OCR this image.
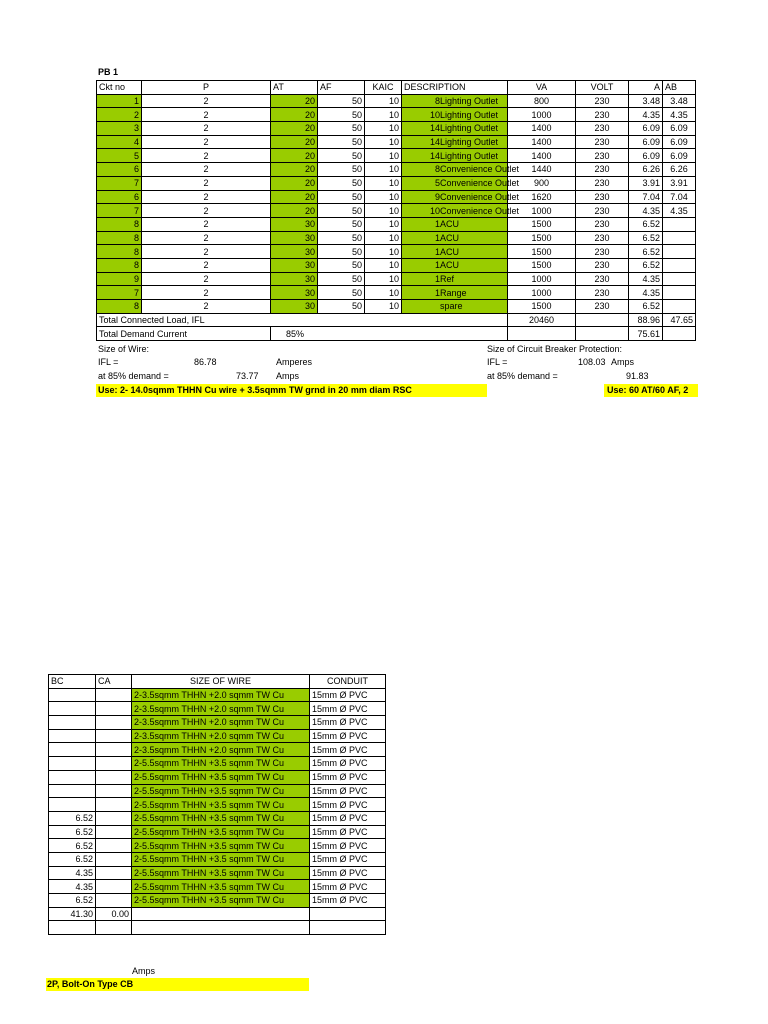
PB 1
Ckt no	P	AT	AF	KAIC	DESCRIPTION	VA	VOLT	A	AB
1	2	20	50	10	8Lighting Outlet	800	230	3.48	3.48
2	2	20	50	10	10Lighting Outlet	1000	230	4.35	4.35
3	2	20	50	10	14Lighting Outlet	1400	230	6.09	6.09
4	2	20	50	10	14Lighting Outlet	1400	230	6.09	6.09
5	2	20	50	10	14Lighting Outlet	1400	230	6.09	6.09
6	2	20	50	10	8Convenience Outlet	1440	230	6.26	6.26
7	2	20	50	10	5Convenience Outlet	900	230	3.91	3.91
6	2	20	50	10	9Convenience Outlet	1620	230	7.04	7.04
7	2	20	50	10	10Convenience Outlet	1000	230	4.35	4.35
8	2	30	50	10	1ACU	1500	230	6.52	
8	2	30	50	10	1ACU	1500	230	6.52	
8	2	30	50	10	1ACU	1500	230	6.52	
8	2	30	50	10	1ACU	1500	230	6.52	
9	2	30	50	10	1Ref	1000	230	4.35	
7	2	30	50	10	1Range	1000	230	4.35	
8	2	30	50	10	spare	1500	230	6.52	
Total Connected Load, IFL						20460		88.96	47.65
Total Demand Current		85%						75.61	
Size of Wire:
IFL =	86.78	Amperes
at 85% demand =	73.77 Amps
Use: 2- 14.0sqmm THHN Cu wire + 3.5sqmm TW grnd in 20 mm diam RSC
Size of Circuit Breaker Protection:
IFL =	108.03 Amps
at 85% demand =	91.83
Use: 60 AT/60 AF, 2
BC	CA	SIZE OF WIRE	CONDUIT
		2-3.5sqmm THHN +2.0 sqmm TW Cu	15mm Ø PVC
		2-3.5sqmm THHN +2.0 sqmm TW Cu	15mm Ø PVC
		2-3.5sqmm THHN +2.0 sqmm TW Cu	15mm Ø PVC
		2-3.5sqmm THHN +2.0 sqmm TW Cu	15mm Ø PVC
		2-3.5sqmm THHN +2.0 sqmm TW Cu	15mm Ø PVC
		2-5.5sqmm THHN +3.5 sqmm TW Cu	15mm Ø PVC
		2-5.5sqmm THHN +3.5 sqmm TW Cu	15mm Ø PVC
		2-5.5sqmm THHN +3.5 sqmm TW Cu	15mm Ø PVC
		2-5.5sqmm THHN +3.5 sqmm TW Cu	15mm Ø PVC
6.52		2-5.5sqmm THHN +3.5 sqmm TW Cu	15mm Ø PVC
6.52		2-5.5sqmm THHN +3.5 sqmm TW Cu	15mm Ø PVC
6.52		2-5.5sqmm THHN +3.5 sqmm TW Cu	15mm Ø PVC
6.52		2-5.5sqmm THHN +3.5 sqmm TW Cu	15mm Ø PVC
4.35		2-5.5sqmm THHN +3.5 sqmm TW Cu	15mm Ø PVC
4.35		2-5.5sqmm THHN +3.5 sqmm TW Cu	15mm Ø PVC
6.52		2-5.5sqmm THHN +3.5 sqmm TW Cu	15mm Ø PVC
41.30	0.00		

Amps
2P, Bolt-On Type CB
